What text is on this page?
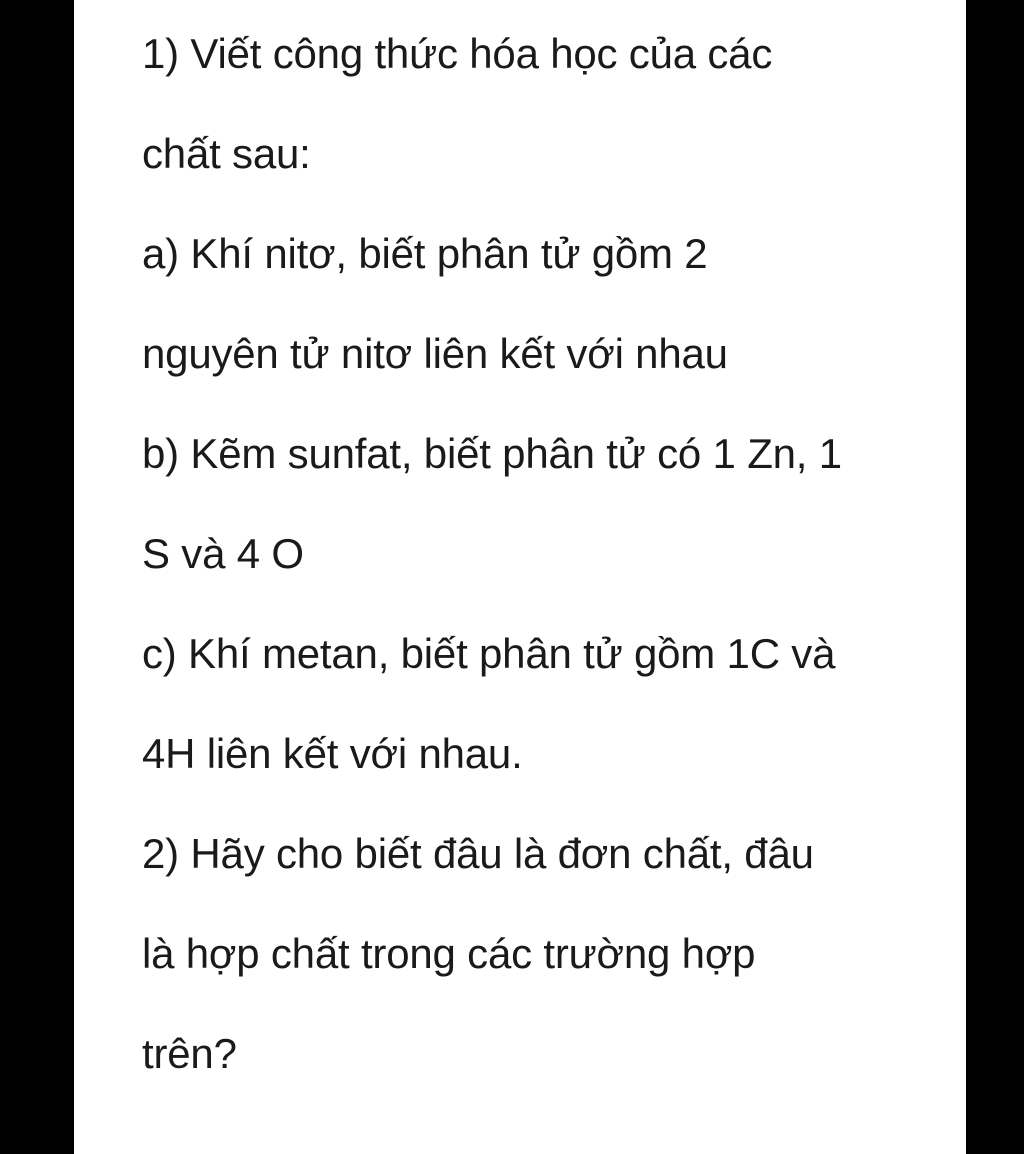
1) Viết công thức hóa học của các
chất sau:
a) Khí nitơ, biết phân tử gồm 2
nguyên tử nitơ liên kết với nhau
b) Kẽm sunfat, biết phân tử có 1 Zn, 1
S và 4 O
c) Khí metan, biết phân tử gồm 1C và
4H liên kết với nhau.
2) Hãy cho biết đâu là đơn chất, đâu
là hợp chất trong các trường hợp
trên?
